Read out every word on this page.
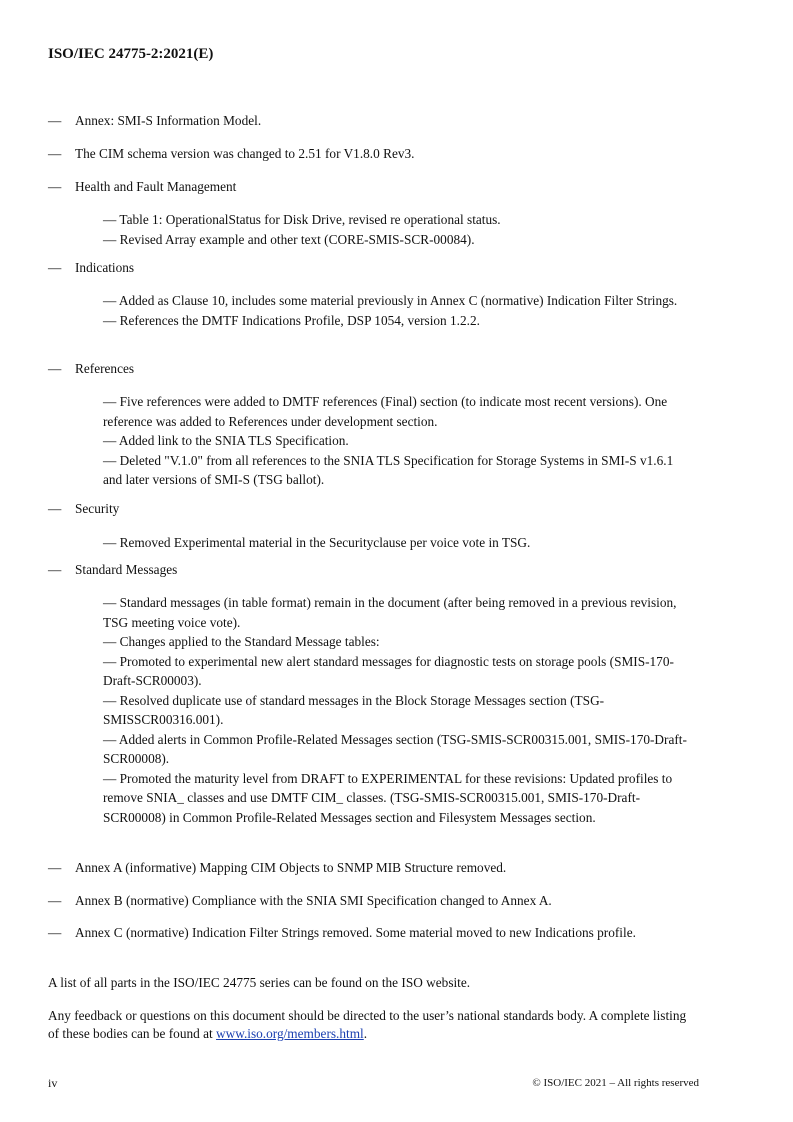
ISO/IEC 24775-2:2021(E)
— Annex: SMI-S Information Model.
— The CIM schema version was changed to 2.51 for V1.8.0 Rev3.
— Health and Fault Management
— Table 1: OperationalStatus for Disk Drive, revised re operational status.
— Revised Array example and other text (CORE-SMIS-SCR-00084).
— Indications
— Added as Clause 10, includes some material previously in Annex C (normative) Indication Filter Strings.
— References the DMTF Indications Profile, DSP 1054, version 1.2.2.
— References
— Five references were added to DMTF references (Final) section (to indicate most recent versions). One reference was added to References under development section.
— Added link to the SNIA TLS Specification.
— Deleted "V.1.0" from all references to the SNIA TLS Specification for Storage Systems in SMI-S v1.6.1 and later versions of SMI-S (TSG ballot).
— Security
— Removed Experimental material in the Securityclause per voice vote in TSG.
— Standard Messages
— Standard messages (in table format) remain in the document (after being removed in a previous revision, TSG meeting voice vote).
— Changes applied to the Standard Message tables:
— Promoted to experimental new alert standard messages for diagnostic tests on storage pools (SMIS-170-Draft-SCR00003).
— Resolved duplicate use of standard messages in the Block Storage Messages section (TSG-SMISSCR00316.001).
— Added alerts in Common Profile-Related Messages section (TSG-SMIS-SCR00315.001, SMIS-170-Draft-SCR00008).
— Promoted the maturity level from DRAFT to EXPERIMENTAL for these revisions: Updated profiles to remove SNIA_ classes and use DMTF CIM_ classes. (TSG-SMIS-SCR00315.001, SMIS-170-Draft- SCR00008) in Common Profile-Related Messages section and Filesystem Messages section.
— Annex A (informative) Mapping CIM Objects to SNMP MIB Structure removed.
— Annex B (normative) Compliance with the SNIA SMI Specification changed to Annex A.
— Annex C (normative) Indication Filter Strings removed. Some material moved to new Indications profile.
A list of all parts in the ISO/IEC 24775 series can be found on the ISO website.
Any feedback or questions on this document should be directed to the user’s national standards body. A complete listing of these bodies can be found at www.iso.org/members.html.
iv	© ISO/IEC 2021 – All rights reserved
